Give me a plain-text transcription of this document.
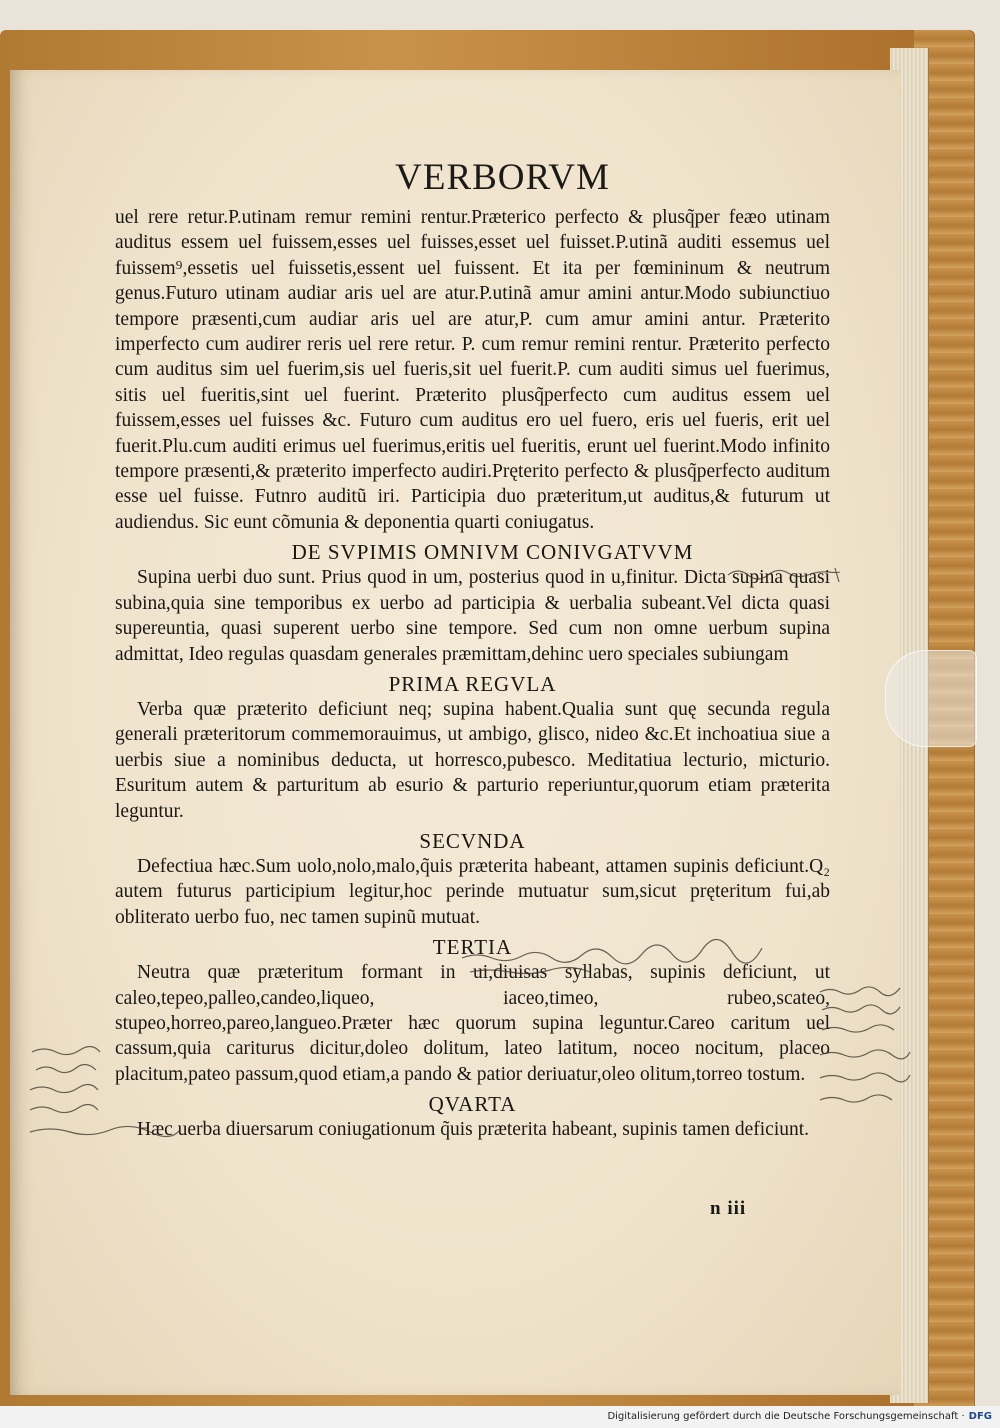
VERBORVM

uel rere retur.P.utinam remur remini rentur.Præterico perfecto & plusq̃per feæo utinam auditus essem uel fuissem,esses uel fuisses,esset uel fuisset.P.utinã auditi essemus uel fuissem⁹,essetis uel fuissetis,essent uel fuissent. Et ita per fœmininum & neutrum genus.Futuro utinam audiar aris uel are atur.P.utinã amur amini antur.Modo subiunctiuo tempore præsenti,cum audiar aris uel are atur,P. cum amur amini antur. Præterito imperfecto cum audirer reris uel rere retur. P. cum remur remini rentur. Præterito perfecto cum auditus sim uel fuerim,sis uel fueris,sit uel fuerit.P. cum auditi simus uel fuerimus, sitis uel fueritis,sint uel fuerint. Præterito plusq̃perfecto cum auditus essem uel fuissem,esses uel fuisses &c. Futuro cum auditus ero uel fuero, eris uel fueris, erit uel fuerit.Plu.cum auditi erimus uel fuerimus,eritis uel fueritis, erunt uel fuerint.Modo infinito tempore præsenti,& præterito imperfecto audiri.Pręterito perfecto & plusq̃perfecto auditum esse uel fuisse. Futnro auditũ iri. Participia duo præteritum,ut auditus,& futurum ut audiendus. Sic eunt cõmunia & deponentia quarti coniugatus.

DE SVPIMIS OMNIVM CONIVGATVVM

Supina uerbi duo sunt. Prius quod in um, posterius quod in u,finitur. Dicta supina quasi subina,quia sine temporibus ex uerbo ad participia & uerbalia subeant.Vel dicta quasi supereuntia, quasi superent uerbo sine tempore. Sed cum non omne uerbum supina admittat, Ideo regulas quasdam generales præmittam,dehinc uero speciales subiungam

PRIMA REGVLA

Verba quæ præterito deficiunt neq; supina habent.Qualia sunt quę secunda regula generali præteritorum commemorauimus, ut ambigo, glisco, nideo &c.Et inchoatiua siue a uerbis siue a nominibus deducta, ut horresco,pubesco. Meditatiua lecturio, micturio. Esuritum autem & parturitum ab esurio & parturio reperiuntur,quorum etiam præterita leguntur.

SECVNDA

Defectiua hæc.Sum uolo,nolo,malo,q̃uis præterita habeant, attamen supinis deficiunt.Q₂ autem futurus participium legitur,hoc perinde mutuatur sum,sicut pręteritum fui,ab obliterato uerbo fuo, nec tamen supinũ mutuat.

TERTIA

Neutra quæ præteritum formant in ui,diuisas syllabas, supinis deficiunt, ut caleo,tepeo,palleo,candeo,liqueo, iaceo,timeo, rubeo,scateo, stupeo,horreo,pareo,langueo.Præter hæc quorum supina leguntur.Careo caritum uel cassum,quia cariturus dicitur,doleo dolitum, lateo latitum, noceo nocitum, placeo placitum,pateo passum,quod etiam,a pando & patior deriuatur,oleo olitum,torreo tostum.

QVARTA

Hæc uerba diuersarum coniugationum q̃uis præterita habeant, supinis tamen deficiunt.

n iii
Digitalisierung gefördert durch die Deutsche Forschungsgemeinschaft · DFG
